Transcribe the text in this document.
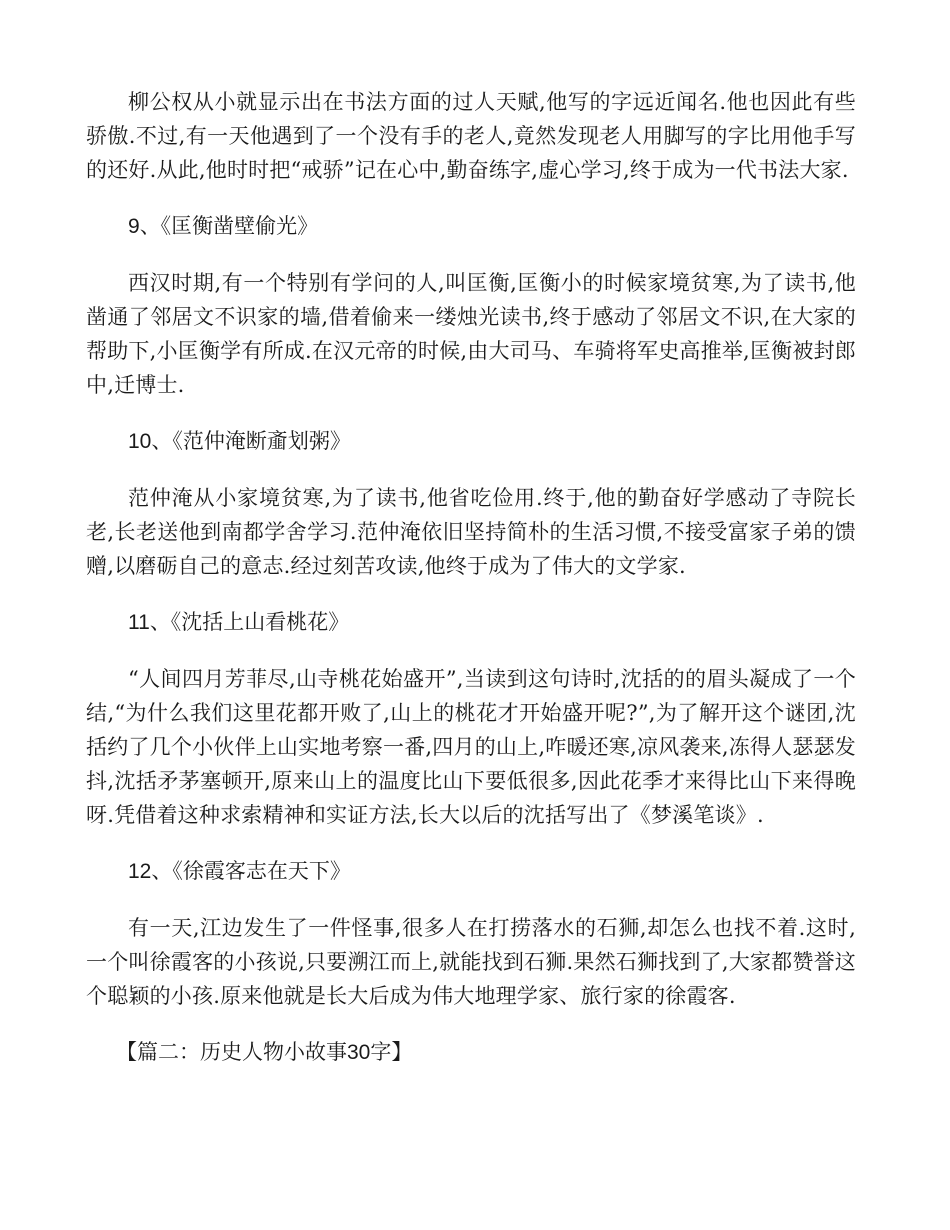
柳公权从小就显示出在书法方面的过人天赋,他写的字远近闻名.他也因此有些骄傲.不过,有一天他遇到了一个没有手的老人,竟然发现老人用脚写的字比用他手写的还好.从此,他时时把“戒骄”记在心中,勤奋练字,虚心学习,终于成为一代书法大家.

9、《匡衡凿壁偷光》

西汉时期,有一个特别有学问的人,叫匡衡,匡衡小的时候家境贫寒,为了读书,他凿通了邻居文不识家的墙,借着偷来一缕烛光读书,终于感动了邻居文不识,在大家的帮助下,小匡衡学有所成.在汉元帝的时候,由大司马、车骑将军史高推举,匡衡被封郎中,迁博士.

10、《范仲淹断齑划粥》

范仲淹从小家境贫寒,为了读书,他省吃俭用.终于,他的勤奋好学感动了寺院长老,长老送他到南都学舍学习.范仲淹依旧坚持简朴的生活习惯,不接受富家子弟的馈赠,以磨砺自己的意志.经过刻苦攻读,他终于成为了伟大的文学家.

11、《沈括上山看桃花》

“人间四月芳菲尽,山寺桃花始盛开”,当读到这句诗时,沈括的的眉头凝成了一个结,“为什么我们这里花都开败了,山上的桃花才开始盛开呢?”,为了解开这个谜团,沈括约了几个小伙伴上山实地考察一番,四月的山上,咋暖还寒,凉风袭来,冻得人瑟瑟发抖,沈括矛茅塞顿开,原来山上的温度比山下要低很多,因此花季才来得比山下来得晚呀.凭借着这种求索精神和实证方法,长大以后的沈括写出了《梦溪笔谈》.

12、《徐霞客志在天下》

有一天,江边发生了一件怪事,很多人在打捞落水的石狮,却怎么也找不着.这时,一个叫徐霞客的小孩说,只要溯江而上,就能找到石狮.果然石狮找到了,大家都赞誉这个聪颖的小孩.原来他就是长大后成为伟大地理学家、旅行家的徐霞客.

【篇二：历史人物小故事30字】
